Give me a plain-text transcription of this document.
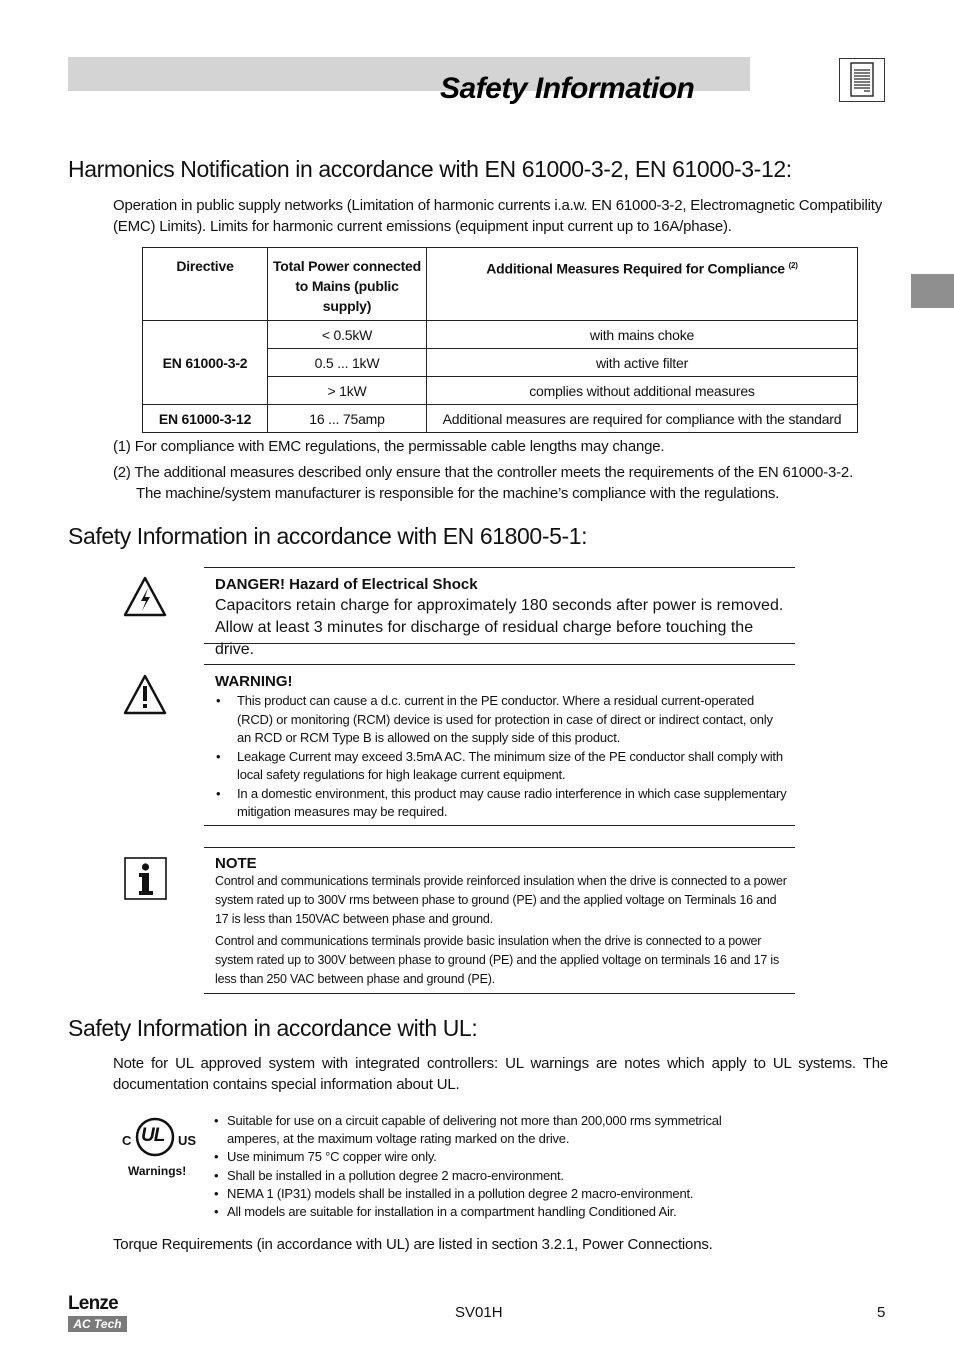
Safety Information
Harmonics Notification in accordance with EN 61000-3-2, EN 61000-3-12:

Operation in public supply networks (Limitation of harmonic currents i.a.w. EN 61000-3-2, Electromagnetic Compatibility (EMC) Limits). Limits for harmonic current emissions (equipment input current up to 16A/phase).

Directive	Total Power connected to Mains (public supply)	Additional Measures Required for Compliance $^{(2)}$
EN 61000-3-2	< 0.5kW	with mains choke
	0.5 ... 1kW	with active filter
	> 1kW	complies without additional measures
EN 61000-3-12	16 ... 75amp	Additional measures are required for compliance with the standard

(1) For compliance with EMC regulations, the permissable cable lengths may change.

(2) The additional measures described only ensure that the controller meets the requirements of the EN 61000-3-2.

The machine/system manufacturer is responsible for the machine’s compliance with the regulations.

Safety Information in accordance with EN 61800-5-1:
DANGER! Hazard of Electrical Shock
Capacitors retain charge for approximately 180 seconds after power is removed. Allow at least 3 minutes for discharge of residual charge before touching the drive.
WARNING!
• This product can cause a d.c. current in the PE conductor. Where a residual current-operated (RCD) or monitoring (RCM) device is used for protection in case of direct or indirect contact, only an RCD or RCM Type B is allowed on the supply side of this product.
• Leakage Current may exceed 3.5mA AC. The minimum size of the PE conductor shall comply with local safety regulations for high leakage current equipment.
• In a domestic environment, this product may cause radio interference in which case supplementary mitigation measures may be required.
NOTE
Control and communications terminals provide reinforced insulation when the drive is connected to a power system rated up to 300V rms between phase to ground (PE) and the applied voltage on Terminals 16 and 17 is less than 150VAC between phase and ground.
Control and communications terminals provide basic insulation when the drive is connected to a power system rated up to 300V between phase to ground (PE) and the applied voltage on terminals 16 and 17 is less than 250 VAC between phase and ground (PE).
Safety Information in accordance with UL:

Note for UL approved system with integrated controllers: UL warnings are notes which apply to UL systems. The documentation contains special information about UL.

C UL US
Warnings!
• Suitable for use on a circuit capable of delivering not more than 200,000 rms symmetrical
amperes, at the maximum voltage rating marked on the drive.
• Use minimum 75 °C copper wire only.
• Shall be installed in a pollution degree 2 macro-environment.
• NEMA 1 (IP31) models shall be installed in a pollution degree 2 macro-environment.
• All models are suitable for installation in a compartment handling Conditioned Air.

Torque Requirements (in accordance with UL) are listed in section 3.2.1, Power Connections.

Lenze
AC Tech
SV01H	5
